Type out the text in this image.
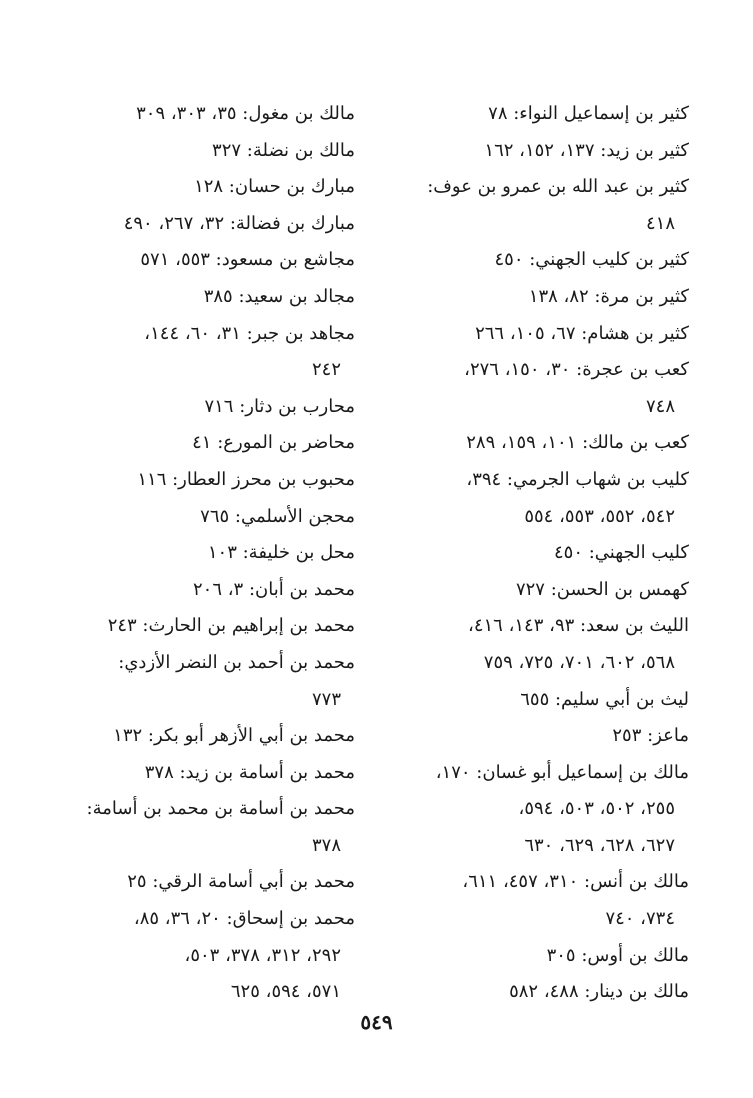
كثير بن إسماعيل النواء: ٧٨
كثير بن زيد: ١٣٧، ١٥٢، ١٦٢
كثير بن عبد الله بن عمرو بن عوف:
٤١٨
كثير بن كليب الجهني: ٤٥٠
كثير بن مرة: ٨٢، ١٣٨
كثير بن هشام: ٦٧، ١٠٥، ٢٦٦
كعب بن عجرة: ٣٠، ١٥٠، ٢٧٦،
٧٤٨
كعب بن مالك: ١٠١، ١٥٩، ٢٨٩
كليب بن شهاب الجرمي: ٣٩٤،
٥٤٢، ٥٥٢، ٥٥٣، ٥٥٤
كليب الجهني: ٤٥٠
كهمس بن الحسن: ٧٢٧
الليث بن سعد: ٩٣، ١٤٣، ٤١٦،
٥٦٨، ٦٠٢، ٧٠١، ٧٢٥، ٧٥٩
ليث بن أبي سليم: ٦٥٥
ماعز: ٢٥٣
مالك بن إسماعيل أبو غسان: ١٧٠،
٢٥٥، ٥٠٢، ٥٠٣، ٥٩٤،
٦٢٧، ٦٢٨، ٦٢٩، ٦٣٠
مالك بن أنس: ٣١٠، ٤٥٧، ٦١١،
٧٣٤، ٧٤٠
مالك بن أوس: ٣٠٥
مالك بن دينار: ٤٨٨، ٥٨٢
مالك بن مغول: ٣٥، ٣٠٣، ٣٠٩
مالك بن نضلة: ٣٢٧
مبارك بن حسان: ١٢٨
مبارك بن فضالة: ٣٢، ٢٦٧، ٤٩٠
مجاشع بن مسعود: ٥٥٣، ٥٧١
مجالد بن سعيد: ٣٨٥
مجاهد بن جبر: ٣١، ٦٠، ١٤٤،
٢٤٢
محارب بن دثار: ٧١٦
محاضر بن المورع: ٤١
محبوب بن محرز العطار: ١١٦
محجن الأسلمي: ٧٦٥
محل بن خليفة: ١٠٣
محمد بن أبان: ٣، ٢٠٦
محمد بن إبراهيم بن الحارث: ٢٤٣
محمد بن أحمد بن النضر الأزدي:
٧٧٣
محمد بن أبي الأزهر أبو بكر: ١٣٢
محمد بن أسامة بن زيد: ٣٧٨
محمد بن أسامة بن محمد بن أسامة:
٣٧٨
محمد بن أبي أسامة الرقي: ٢٥
محمد بن إسحاق: ٢٠، ٣٦، ٨٥،
٢٩٢، ٣١٢، ٣٧٨، ٥٠٣،
٥٧١، ٥٩٤، ٦٢٥
٥٤٩
